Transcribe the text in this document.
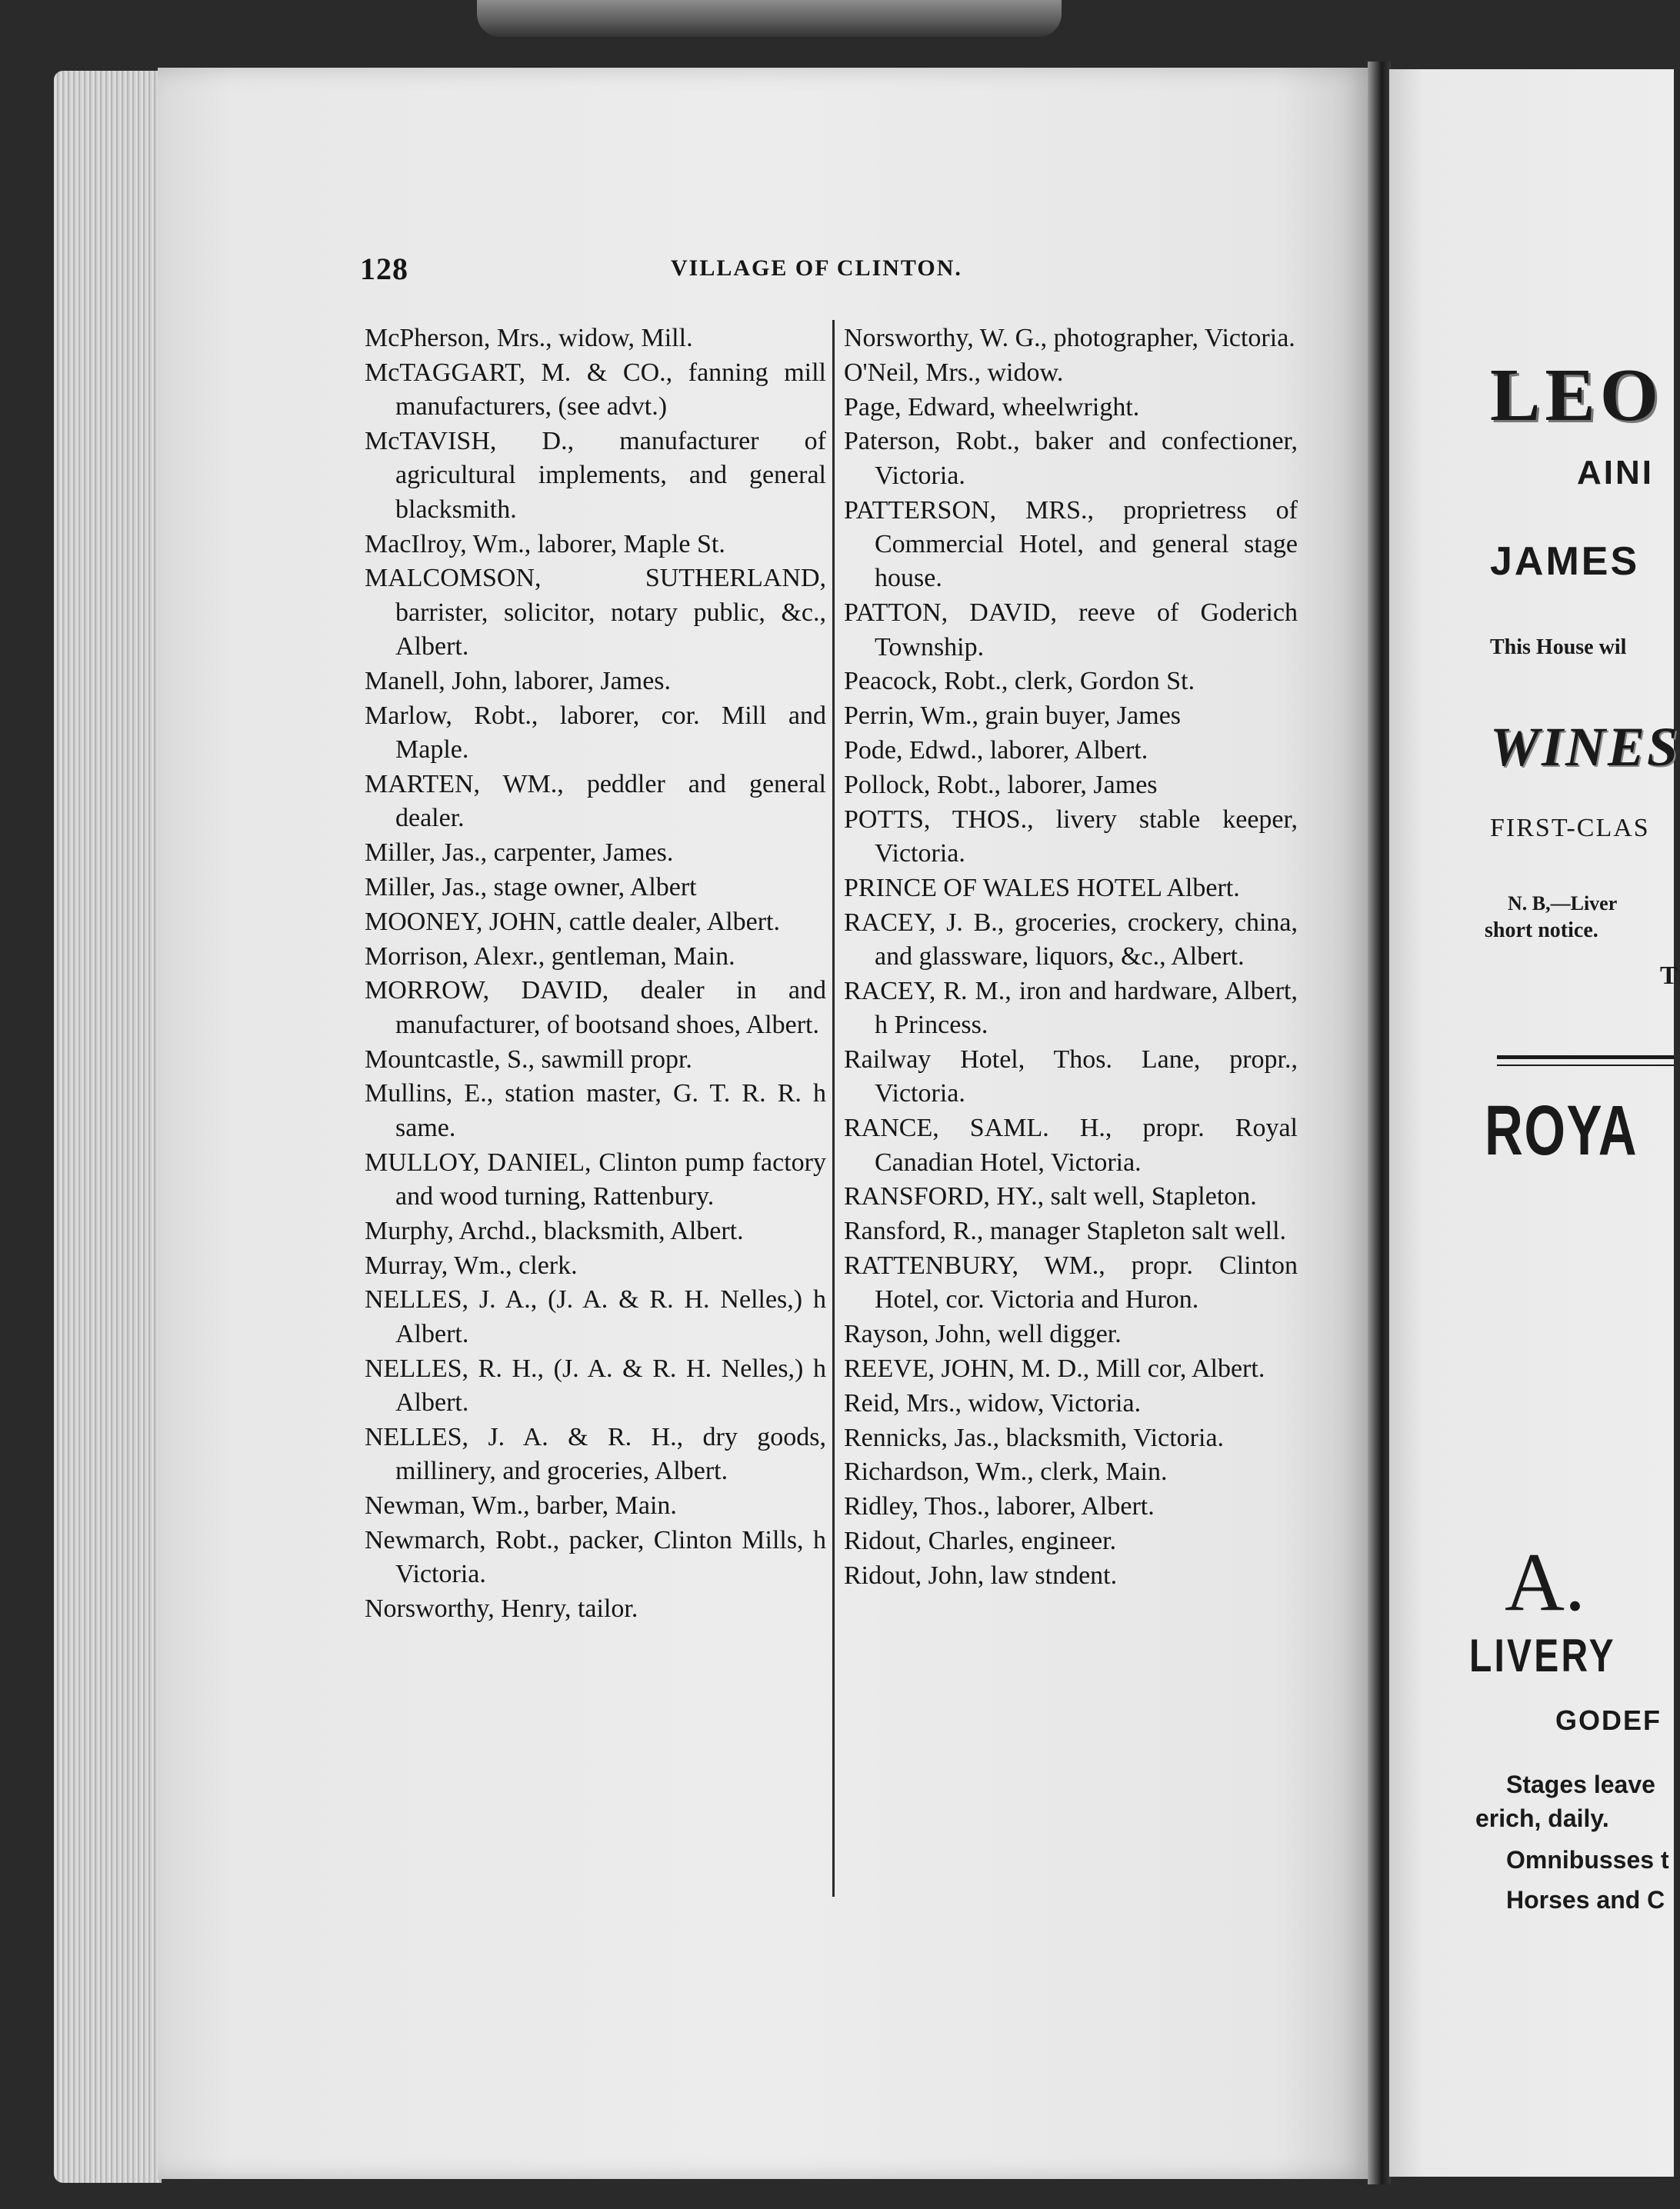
128	VILLAGE OF CLINTON.

McPherson, Mrs., widow, Mill.

McTAGGART, M. & CO., fanning mill manufacturers, (see advt.)

McTAVISH, D., manufacturer of agricultural implements, and general blacksmith.

MacIlroy, Wm., laborer, Maple St.

MALCOMSON, SUTHERLAND, barrister, solicitor, notary public, &c., Albert.

Manell, John, laborer, James.

Marlow, Robt., laborer, cor. Mill and Maple.

MARTEN, WM., peddler and general dealer.

Miller, Jas., carpenter, James.

Miller, Jas., stage owner, Albert

MOONEY, JOHN, cattle dealer, Albert.

Morrison, Alexr., gentleman, Main.

MORROW, DAVID, dealer in and manufacturer, of bootsand shoes, Albert.

Mountcastle, S., sawmill propr.

Mullins, E., station master, G. T. R. R. h same.

MULLOY, DANIEL, Clinton pump factory and wood turning, Rattenbury.

Murphy, Archd., blacksmith, Albert.

Murray, Wm., clerk.

NELLES, J. A., (J. A. & R. H. Nelles,) h Albert.

NELLES, R. H., (J. A. & R. H. Nelles,) h Albert.

NELLES, J. A. & R. H., dry goods, millinery, and groceries, Albert.

Newman, Wm., barber, Main.

Newmarch, Robt., packer, Clinton Mills, h Victoria.

Norsworthy, Henry, tailor.

Norsworthy, W. G., photographer, Victoria.

O'Neil, Mrs., widow.

Page, Edward, wheelwright.

Paterson, Robt., baker and confectioner, Victoria.

PATTERSON, MRS., proprietress of Commercial Hotel, and general stage house.

PATTON, DAVID, reeve of Goderich Township.

Peacock, Robt., clerk, Gordon St.

Perrin, Wm., grain buyer, James

Pode, Edwd., laborer, Albert.

Pollock, Robt., laborer, James

POTTS, THOS., livery stable keeper, Victoria.

PRINCE OF WALES HOTEL Albert.

RACEY, J. B., groceries, crockery, china, and glassware, liquors, &c., Albert.

RACEY, R. M., iron and hardware, Albert, h Princess.

Railway Hotel, Thos. Lane, propr., Victoria.

RANCE, SAML. H., propr. Royal Canadian Hotel, Victoria.

RANSFORD, HY., salt well, Stapleton.

Ransford, R., manager Stapleton salt well.

RATTENBURY, WM., propr. Clinton Hotel, cor. Victoria and Huron.

Rayson, John, well digger.

REEVE, JOHN, M. D., Mill cor, Albert.

Reid, Mrs., widow, Victoria.

Rennicks, Jas., blacksmith, Victoria.

Richardson, Wm., clerk, Main.

Ridley, Thos., laborer, Albert.

Ridout, Charles, engineer.

Ridout, John, law stndent.

LEO
AINI
JAMES
This House wil
WINES
FIRST-CLAS
N. B,—Liver
short notice.
T
ROYA
A.
LIVERY
GODEF
Stages leave
erich, daily.
Omnibusses t
Horses and C
